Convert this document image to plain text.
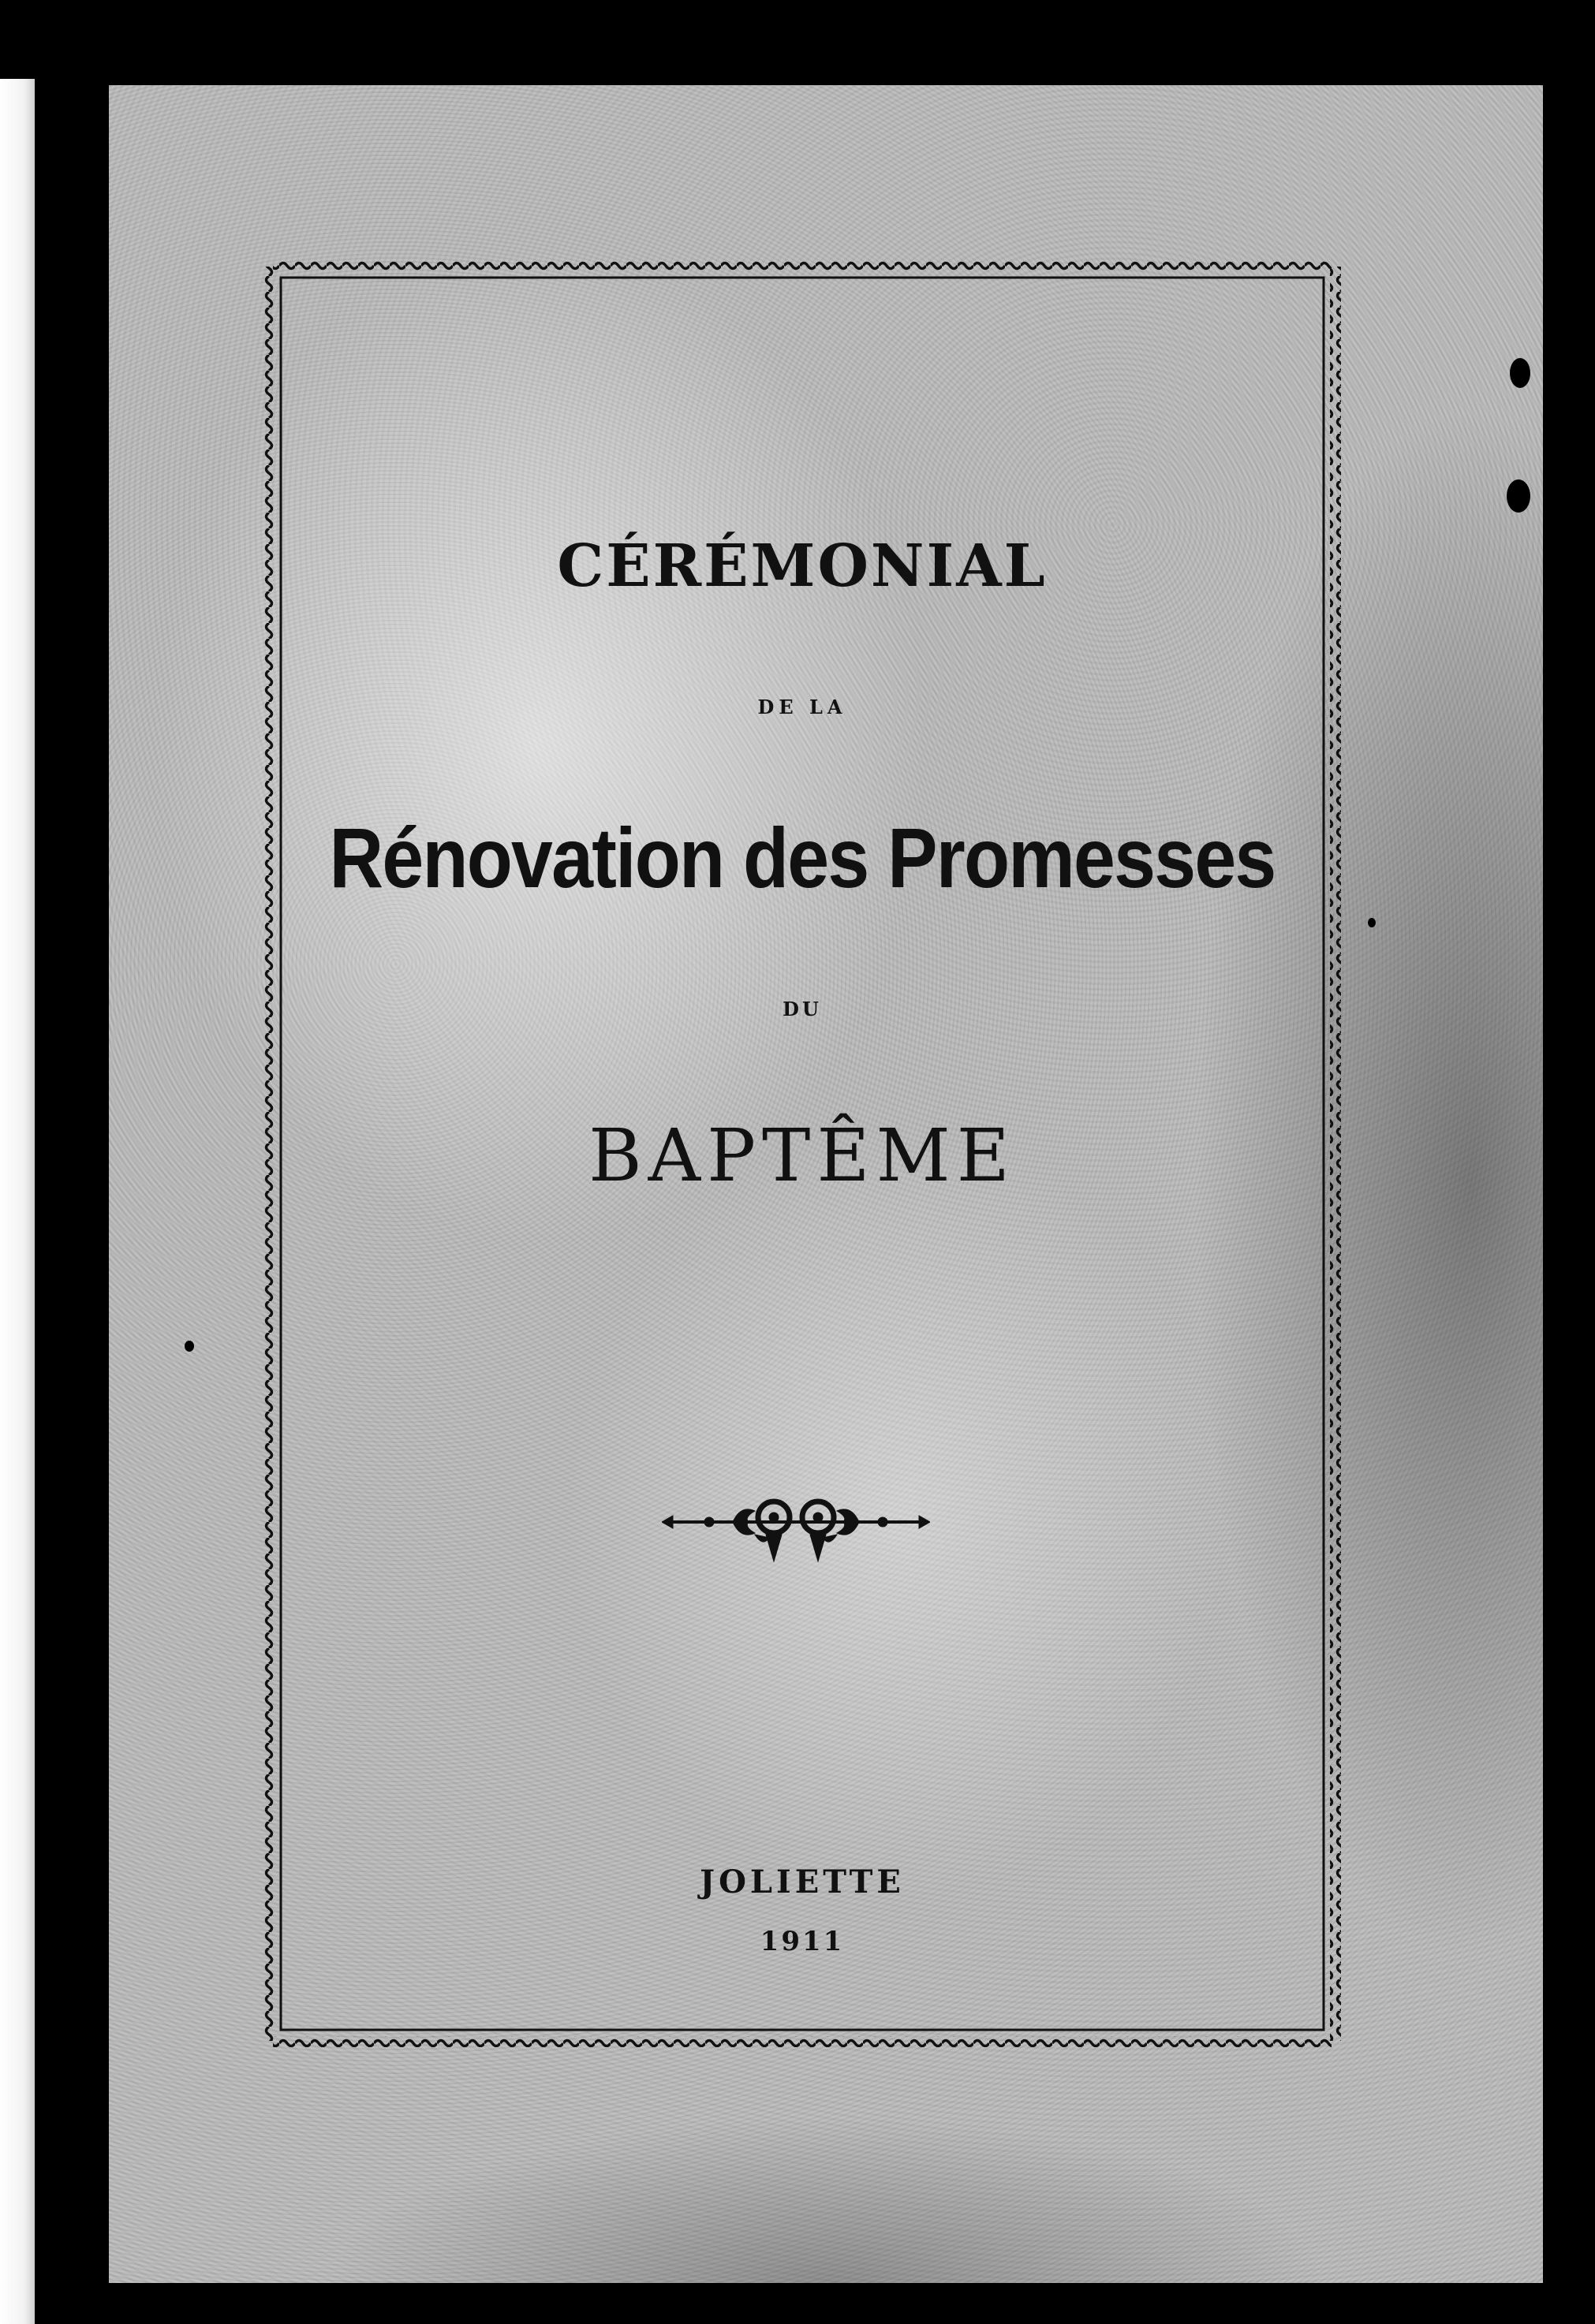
CÉRÉMONIAL

DE LA

Rénovation des Promesses

DU

BAPTÊME

JOLIETTE

1911
